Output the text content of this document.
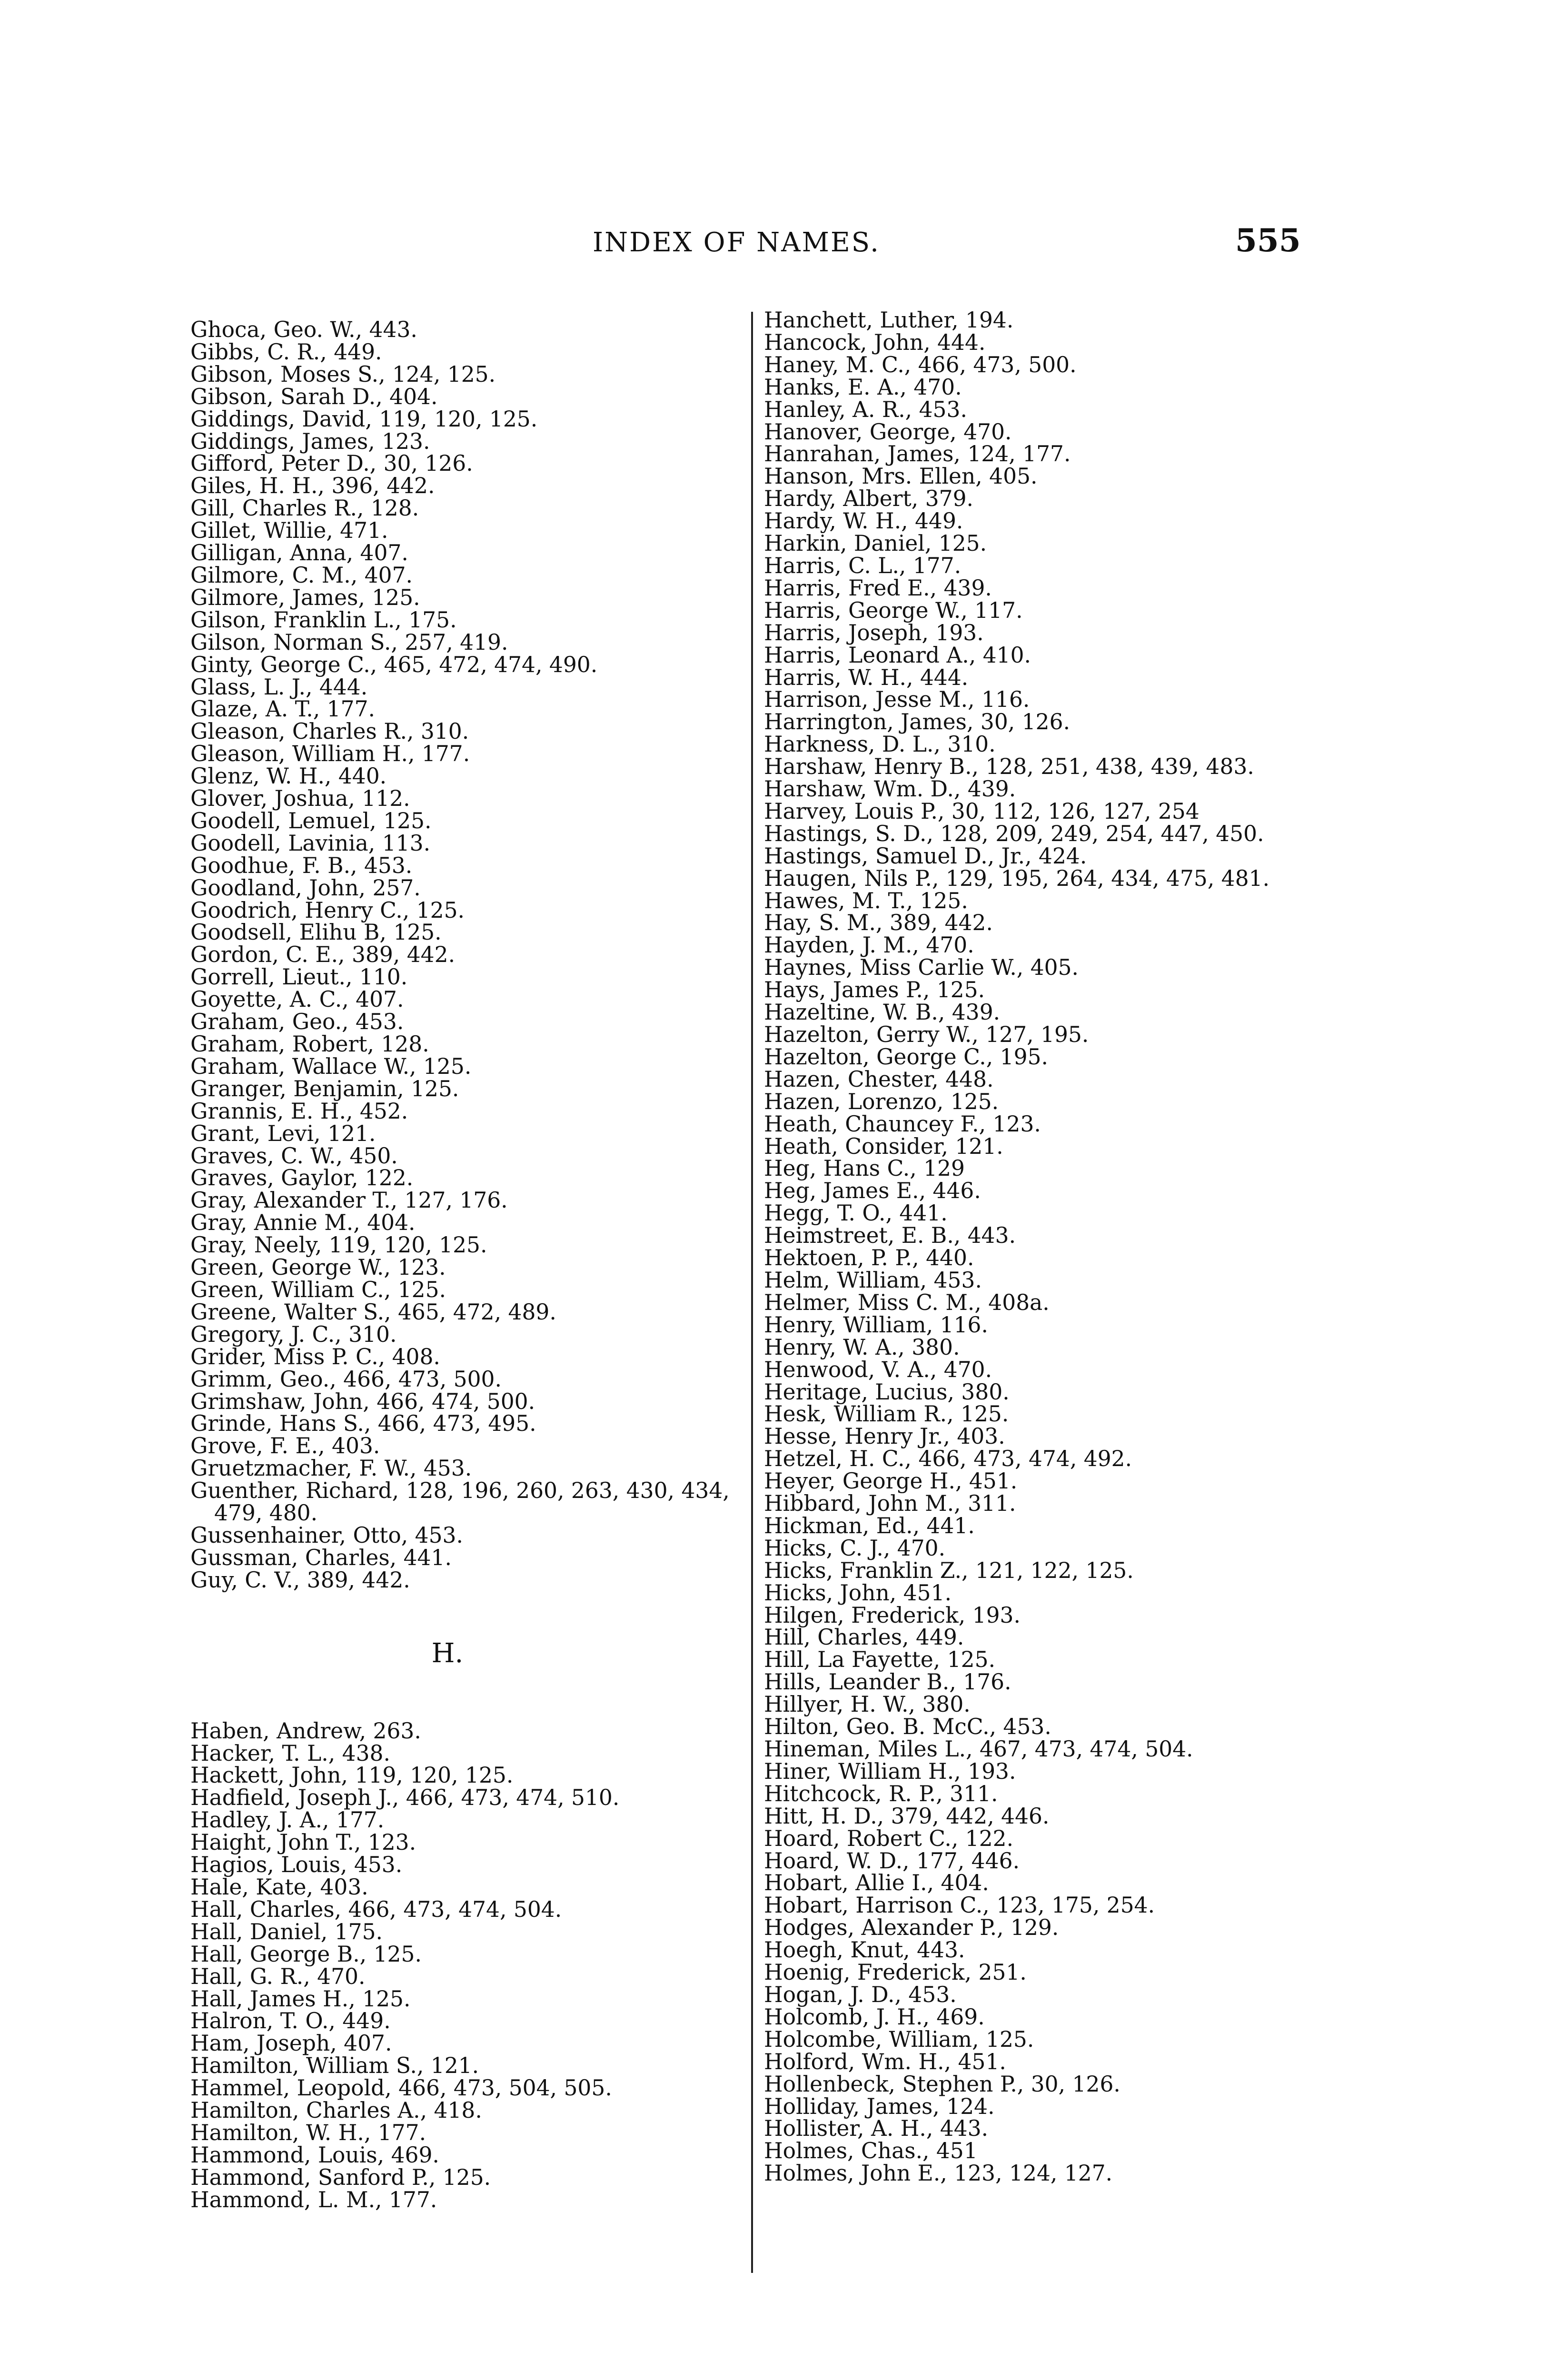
INDEX OF NAMES.	555
Ghoca, Geo. W., 443.
Gibbs, C. R., 449.
Gibson, Moses S., 124, 125.
Gibson, Sarah D., 404.
Giddings, David, 119, 120, 125.
Giddings, James, 123.
Gifford, Peter D., 30, 126.
Giles, H. H., 396, 442.
Gill, Charles R., 128.
Gillet, Willie, 471.
Gilligan, Anna, 407.
Gilmore, C. M., 407.
Gilmore, James, 125.
Gilson, Franklin L., 175.
Gilson, Norman S., 257, 419.
Ginty, George C., 465, 472, 474, 490.
Glass, L. J., 444.
Glaze, A. T., 177.
Gleason, Charles R., 310.
Gleason, William H., 177.
Glenz, W. H., 440.
Glover, Joshua, 112.
Goodell, Lemuel, 125.
Goodell, Lavinia, 113.
Goodhue, F. B., 453.
Goodland, John, 257.
Goodrich, Henry C., 125.
Goodsell, Elihu B, 125.
Gordon, C. E., 389, 442.
Gorrell, Lieut., 110.
Goyette, A. C., 407.
Graham, Geo., 453.
Graham, Robert, 128.
Graham, Wallace W., 125.
Granger, Benjamin, 125.
Grannis, E. H., 452.
Grant, Levi, 121.
Graves, C. W., 450.
Graves, Gaylor, 122.
Gray, Alexander T., 127, 176.
Gray, Annie M., 404.
Gray, Neely, 119, 120, 125.
Green, George W., 123.
Green, William C., 125.
Greene, Walter S., 465, 472, 489.
Gregory, J. C., 310.
Grider, Miss P. C., 408.
Grimm, Geo., 466, 473, 500.
Grimshaw, John, 466, 474, 500.
Grinde, Hans S., 466, 473, 495.
Grove, F. E., 403.
Gruetzmacher, F. W., 453.
Guenther, Richard, 128, 196, 260, 263, 430, 434,
479, 480.
Gussenhainer, Otto, 453.
Gussman, Charles, 441.
Guy, C. V., 389, 442.
H.
Haben, Andrew, 263.
Hacker, T. L., 438.
Hackett, John, 119, 120, 125.
Hadfield, Joseph J., 466, 473, 474, 510.
Hadley, J. A., 177.
Haight, John T., 123.
Hagios, Louis, 453.
Hale, Kate, 403.
Hall, Charles, 466, 473, 474, 504.
Hall, Daniel, 175.
Hall, George B., 125.
Hall, G. R., 470.
Hall, James H., 125.
Halron, T. O., 449.
Ham, Joseph, 407.
Hamilton, William S., 121.
Hammel, Leopold, 466, 473, 504, 505.
Hamilton, Charles A., 418.
Hamilton, W. H., 177.
Hammond, Louis, 469.
Hammond, Sanford P., 125.
Hammond, L. M., 177.
Hanchett, Luther, 194.
Hancock, John, 444.
Haney, M. C., 466, 473, 500.
Hanks, E. A., 470.
Hanley, A. R., 453.
Hanover, George, 470.
Hanrahan, James, 124, 177.
Hanson, Mrs. Ellen, 405.
Hardy, Albert, 379.
Hardy, W. H., 449.
Harkin, Daniel, 125.
Harris, C. L., 177.
Harris, Fred E., 439.
Harris, George W., 117.
Harris, Joseph, 193.
Harris, Leonard A., 410.
Harris, W. H., 444.
Harrison, Jesse M., 116.
Harrington, James, 30, 126.
Harkness, D. L., 310.
Harshaw, Henry B., 128, 251, 438, 439, 483.
Harshaw, Wm. D., 439.
Harvey, Louis P., 30, 112, 126, 127, 254
Hastings, S. D., 128, 209, 249, 254, 447, 450.
Hastings, Samuel D., Jr., 424.
Haugen, Nils P., 129, 195, 264, 434, 475, 481.
Hawes, M. T., 125.
Hay, S. M., 389, 442.
Hayden, J. M., 470.
Haynes, Miss Carlie W., 405.
Hays, James P., 125.
Hazeltine, W. B., 439.
Hazelton, Gerry W., 127, 195.
Hazelton, George C., 195.
Hazen, Chester, 448.
Hazen, Lorenzo, 125.
Heath, Chauncey F., 123.
Heath, Consider, 121.
Heg, Hans C., 129
Heg, James E., 446.
Hegg, T. O., 441.
Heimstreet, E. B., 443.
Hektoen, P. P., 440.
Helm, William, 453.
Helmer, Miss C. M., 408a.
Henry, William, 116.
Henry, W. A., 380.
Henwood, V. A., 470.
Heritage, Lucius, 380.
Hesk, William R., 125.
Hesse, Henry Jr., 403.
Hetzel, H. C., 466, 473, 474, 492.
Heyer, George H., 451.
Hibbard, John M., 311.
Hickman, Ed., 441.
Hicks, C. J., 470.
Hicks, Franklin Z., 121, 122, 125.
Hicks, John, 451.
Hilgen, Frederick, 193.
Hill, Charles, 449.
Hill, La Fayette, 125.
Hills, Leander B., 176.
Hillyer, H. W., 380.
Hilton, Geo. B. McC., 453.
Hineman, Miles L., 467, 473, 474, 504.
Hiner, William H., 193.
Hitchcock, R. P., 311.
Hitt, H. D., 379, 442, 446.
Hoard, Robert C., 122.
Hoard, W. D., 177, 446.
Hobart, Allie I., 404.
Hobart, Harrison C., 123, 175, 254.
Hodges, Alexander P., 129.
Hoegh, Knut, 443.
Hoenig, Frederick, 251.
Hogan, J. D., 453.
Holcomb, J. H., 469.
Holcombe, William, 125.
Holford, Wm. H., 451.
Hollenbeck, Stephen P., 30, 126.
Holliday, James, 124.
Hollister, A. H., 443.
Holmes, Chas., 451
Holmes, John E., 123, 124, 127.
